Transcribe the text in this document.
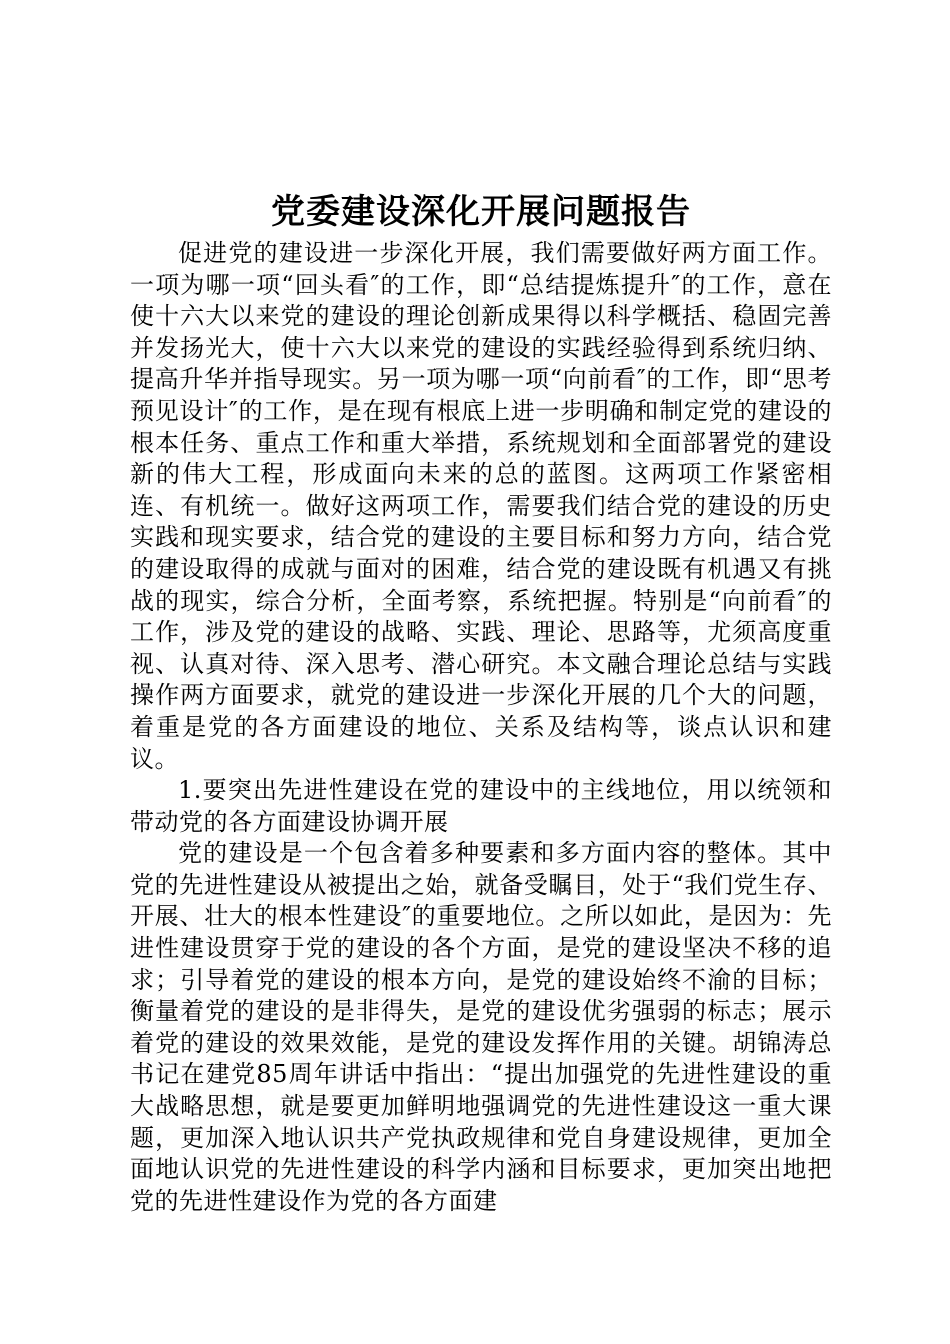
党委建设深化开展问题报告

促进党的建设进一步深化开展，我们需要做好两方面工作。一项为哪一项“回头看″的工作，即“总结提炼提升″的工作，意在使十六大以来党的建设的理论创新成果得以科学概括、稳固完善并发扬光大，使十六大以来党的建设的实践经验得到系统归纳、提高升华并指导现实。另一项为哪一项“向前看″的工作，即“思考预见设计″的工作，是在现有根底上进一步明确和制定党的建设的根本任务、重点工作和重大举措，系统规划和全面部署党的建设新的伟大工程，形成面向未来的总的蓝图。这两项工作紧密相连、有机统一。做好这两项工作，需要我们结合党的建设的历史实践和现实要求，结合党的建设的主要目标和努力方向，结合党的建设取得的成就与面对的困难，结合党的建设既有机遇又有挑战的现实，综合分析，全面考察，系统把握。特别是“向前看″的工作，涉及党的建设的战略、实践、理论、思路等，尤须高度重视、认真对待、深入思考、潜心研究。本文融合理论总结与实践操作两方面要求，就党的建设进一步深化开展的几个大的问题，着重是党的各方面建设的地位、关系及结构等，谈点认识和建议。

1.要突出先进性建设在党的建设中的主线地位，用以统领和带动党的各方面建设协调开展

党的建设是一个包含着多种要素和多方面内容的整体。其中党的先进性建设从被提出之始，就备受瞩目，处于“我们党生存、开展、壮大的根本性建设″的重要地位。之所以如此，是因为：先进性建设贯穿于党的建设的各个方面，是党的建设坚决不移的追求；引导着党的建设的根本方向，是党的建设始终不渝的目标；衡量着党的建设的是非得失，是党的建设优劣强弱的标志；展示着党的建设的效果效能，是党的建设发挥作用的关键。胡锦涛总书记在建党85周年讲话中指出：“提出加强党的先进性建设的重大战略思想，就是要更加鲜明地强调党的先进性建设这一重大课题，更加深入地认识共产党执政规律和党自身建设规律，更加全面地认识党的先进性建设的科学内涵和目标要求，更加突出地把党的先进性建设作为党的各方面建
